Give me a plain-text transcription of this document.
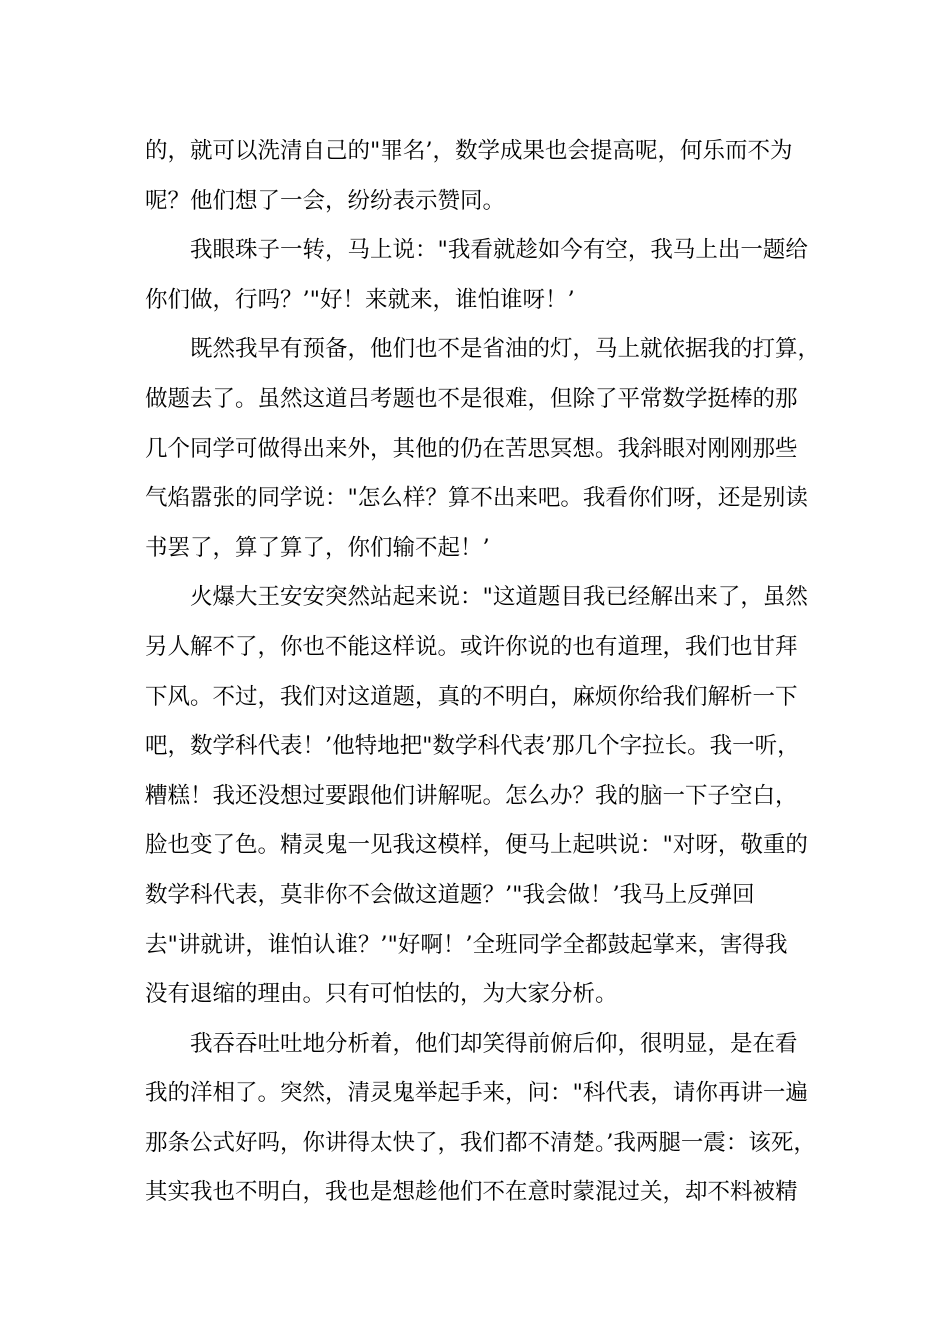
的，就可以洗清自己的"罪名’，数学成果也会提高呢，何乐而不为
呢？他们想了一会，纷纷表示赞同。
我眼珠子一转，马上说："我看就趁如今有空，我马上出一题给
你们做，行吗？’"好！来就来，谁怕谁呀！’
既然我早有预备，他们也不是省油的灯，马上就依据我的打算，
做题去了。虽然这道吕考题也不是很难，但除了平常数学挺棒的那
几个同学可做得出来外，其他的仍在苦思冥想。我斜眼对刚刚那些
气焰嚣张的同学说："怎么样？算不出来吧。我看你们呀，还是别读
书罢了，算了算了，你们输不起！’
火爆大王安安突然站起来说："这道题目我已经解出来了，虽然
另人解不了，你也不能这样说。或许你说的也有道理，我们也甘拜
下风。不过，我们对这道题，真的不明白，麻烦你给我们解析一下
吧，数学科代表！’他特地把"数学科代表’那几个字拉长。我一听，
糟糕！我还没想过要跟他们讲解呢。怎么办？我的脑一下子空白，
脸也变了色。精灵鬼一见我这模样，便马上起哄说："对呀，敬重的
数学科代表，莫非你不会做这道题？’"我会做！’我马上反弹回
去"讲就讲，谁怕认谁？’"好啊！’全班同学全都鼓起掌来，害得我
没有退缩的理由。只有可怕怯的，为大家分析。
我吞吞吐吐地分析着，他们却笑得前俯后仰，很明显，是在看
我的洋相了。突然，清灵鬼举起手来，问："科代表，请你再讲一遍
那条公式好吗，你讲得太快了，我们都不清楚。’我两腿一震：该死，
其实我也不明白，我也是想趁他们不在意时蒙混过关，却不料被精
